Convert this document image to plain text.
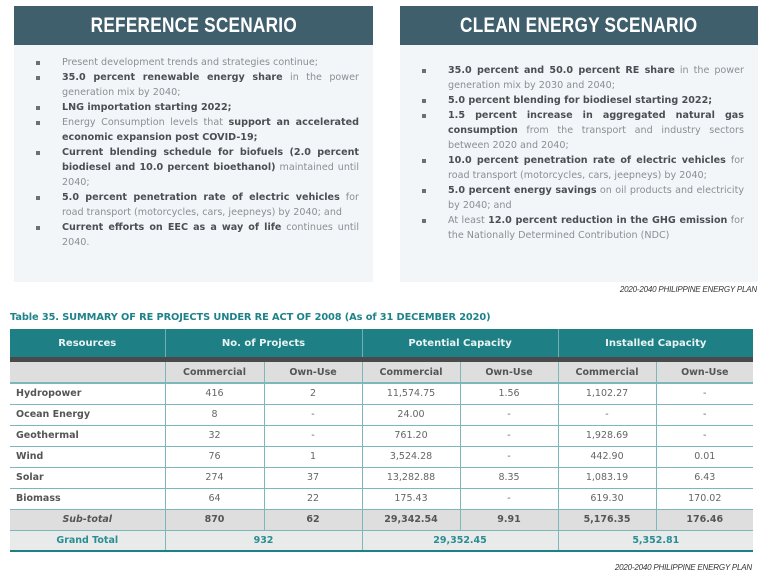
REFERENCE SCENARIO
Present development trends and strategies continue;
35.0 percent renewable energy share in the power generation mix by 2040;
LNG importation starting 2022;
Energy Consumption levels that support an accelerated economic expansion post COVID-19;
Current blending schedule for biofuels (2.0 percent biodiesel and 10.0 percent bioethanol) maintained until 2040;
5.0 percent penetration rate of electric vehicles for road transport (motorcycles, cars, jeepneys) by 2040; and
Current efforts on EEC as a way of life continues until 2040.
CLEAN ENERGY SCENARIO
35.0 percent and 50.0 percent RE share in the power generation mix by 2030 and 2040;
5.0 percent blending for biodiesel starting 2022;
1.5 percent increase in aggregated natural gas consumption from the transport and industry sectors between 2020 and 2040;
10.0 percent penetration rate of electric vehicles for road transport (motorcycles, cars, jeepneys) by 2040;
5.0 percent energy savings on oil products and electricity by 2040; and
At least 12.0 percent reduction in the GHG emission for the Nationally Determined Contribution (NDC)
2020-2040 PHILIPPINE ENERGY PLAN
Table 35. SUMMARY OF RE PROJECTS UNDER RE ACT OF 2008 (As of 31 DECEMBER 2020)
Resources	No. of Projects		Potential Capacity		Installed Capacity	

	Commercial	Own-Use	Commercial	Own-Use	Commercial	Own-Use
Hydropower	416	2	11,574.75	1.56	1,102.27	-
Ocean Energy	8	-	24.00	-	-	-
Geothermal	32	-	761.20	-	1,928.69	-
Wind	76	1	3,524.28	-	442.90	0.01
Solar	274	37	13,282.88	8.35	1,083.19	6.43
Biomass	64	22	175.43	-	619.30	170.02
Sub-total	870	62	29,342.54	9.91	5,176.35	176.46
Grand Total	932		29,352.45		5,352.81	
2020-2040 PHILIPPINE ENERGY PLAN
